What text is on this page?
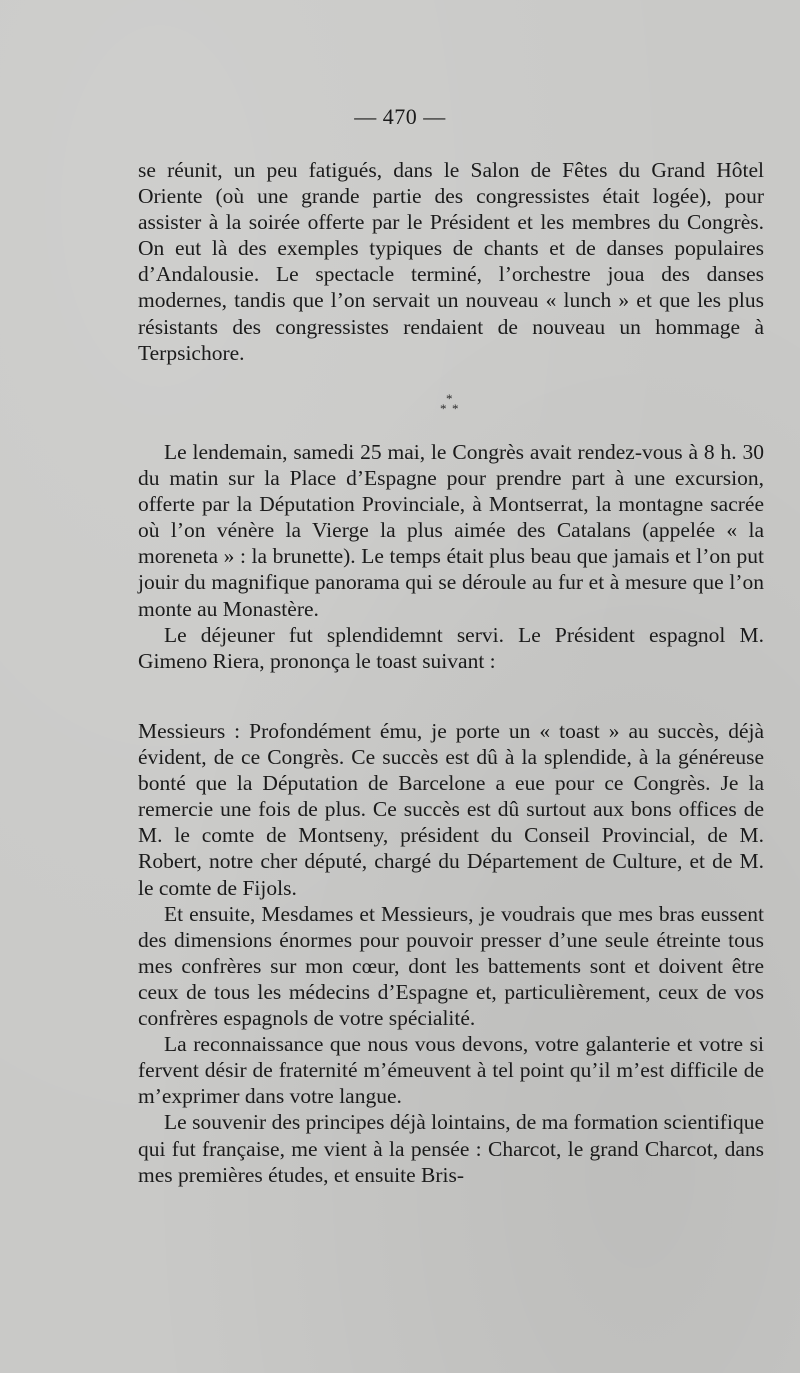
— 470 —

se réunit, un peu fatigués, dans le Salon de Fêtes du Grand Hôtel Oriente (où une grande partie des congressistes était logée), pour assister à la soirée offerte par le Président et les membres du Congrès. On eut là des exemples typiques de chants et de danses populaires d’Andalousie. Le spectacle terminé, l’orchestre joua des danses modernes, tandis que l’on servait un nouveau « lunch » et que les plus résistants des congressistes rendaient de nouveau un hommage à Terpsichore.

*
* *

Le lendemain, samedi 25 mai, le Congrès avait rendez-vous à 8 h. 30 du matin sur la Place d’Espagne pour prendre part à une excursion, offerte par la Députation Provinciale, à Montserrat, la montagne sacrée où l’on vénère la Vierge la plus aimée des Catalans (appelée « la moreneta » : la brunette). Le temps était plus beau que jamais et l’on put jouir du magnifique panorama qui se déroule au fur et à mesure que l’on monte au Monastère.

Le déjeuner fut splendidemnt servi. Le Président espagnol M. Gimeno Riera, prononça le toast suivant :

Messieurs : Profondément ému, je porte un « toast » au succès, déjà évident, de ce Congrès. Ce succès est dû à la splendide, à la généreuse bonté que la Députation de Barcelone a eue pour ce Congrès. Je la remercie une fois de plus. Ce succès est dû surtout aux bons offices de M. le comte de Montseny, président du Conseil Provincial, de M. Robert, notre cher député, chargé du Département de Culture, et de M. le comte de Fijols.

Et ensuite, Mesdames et Messieurs, je voudrais que mes bras eussent des dimensions énormes pour pouvoir presser d’une seule étreinte tous mes confrères sur mon cœur, dont les battements sont et doivent être ceux de tous les médecins d’Espagne et, particulièrement, ceux de vos confrères espagnols de votre spécialité.

La reconnaissance que nous vous devons, votre galanterie et votre si fervent désir de fraternité m’émeuvent à tel point qu’il m’est difficile de m’exprimer dans votre langue.

Le souvenir des principes déjà lointains, de ma formation scientifique qui fut française, me vient à la pensée : Charcot, le grand Charcot, dans mes premières études, et ensuite Bris-
